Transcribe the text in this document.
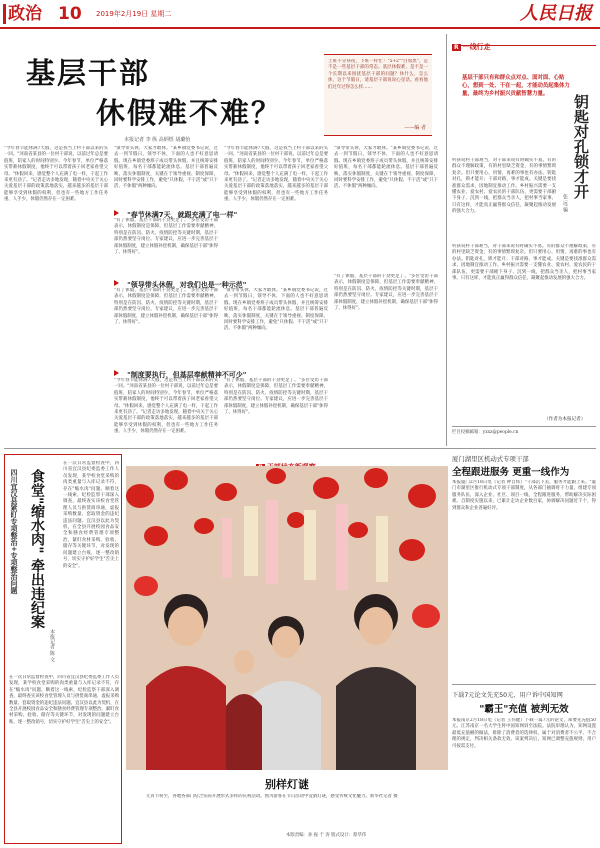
政治 10 2019年2月19日 星期二	人民日报
基层干部
休假难不难？
本报记者 李 纵 高炳煜 胡璐怡
上班不分昼夜，下班一样忙！"5+2""白加黑"，是不是一些基层干部的常态。基层休假难，是不是一个长期以来困扰基层干部的问题？休什么，怎么休，这个节假日，请基层干部说说心里话。看看他们过年过得怎么样……
——编 者
"今年春节能休满7天假，这是我当上村干部以来的头一回。"河南省某县的一位村干部说，以前过年总是要值班，陪家人的时间特别少。今年春节，单位严格落实带薪休假制度，他终于可以带着孩子回老家看望父母。"休假回来，感觉整个人充满了电一样，干起工作来更有劲了。"记者走访多地发现，随着中央关于关心关爱基层干部的政策落地落实，越来越多的基层干部能够享受到休假的权利，但也有一些地方工作任务重、人手少，休假仍然存在一定困难。
"领导带头休，大家才敢休。"某乡镇党委书记说，过去一到节假日，领导不休，下面的人也不好意思请假。现在乡镇党委班子成员带头休假，并且统筹安排好值班，每名干部都能轮流休息。基层干部普遍反映，落实休假制度，关键在于领导重视、制度保障，同时要科学安排工作，避免"只休假、不干活"或"只干活、不休假"两种倾向。
"春节休满7天，就跟充满了电一样"
"有了休假，基层干部的干劲更足了。"多位受访干部表示，休假制度是保障，但基层工作需要奉献精神，特别是在防汛、防火、疫情防控等关键时期，基层干部仍然要坚守岗位。专家建议，应进一步完善基层干部休假制度，建立休假补偿机制，确保基层干部"休得了、休得好"。
"今年春节能休满7天假，这是我当上村干部以来的头一回。"河南省某县的一位村干部说，以前过年总是要值班，陪家人的时间特别少。今年春节，单位严格落实带薪休假制度，他终于可以带着孩子回老家看望父母。"休假回来，感觉整个人充满了电一样，干起工作来更有劲了。"记者走访多地发现，随着中央关于关心关爱基层干部的政策落地落实，越来越多的基层干部能够享受到休假的权利，但也有一些地方工作任务重、人手少，休假仍然存在一定困难。
"领导带头休，大家才敢休。"某乡镇党委书记说，过去一到节假日，领导不休，下面的人也不好意思请假。现在乡镇党委班子成员带头休假，并且统筹安排好值班，每名干部都能轮流休息。基层干部普遍反映，落实休假制度，关键在于领导重视、制度保障，同时要科学安排工作，避免"只休假、不干活"或"只干活、不休假"两种倾向。
"领导带头休假，对我们也是一种示范"
"有了休假，基层干部的干劲更足了。"多位受访干部表示，休假制度是保障，但基层工作需要奉献精神，特别是在防汛、防火、疫情防控等关键时期，基层干部仍然要坚守岗位。专家建议，应进一步完善基层干部休假制度，建立休假补偿机制，确保基层干部"休得了、休得好"。
"领导带头休，大家才敢休。"某乡镇党委书记说，过去一到节假日，领导不休，下面的人也不好意思请假。现在乡镇党委班子成员带头休假，并且统筹安排好值班，每名干部都能轮流休息。基层干部普遍反映，落实休假制度，关键在于领导重视、制度保障，同时要科学安排工作，避免"只休假、不干活"或"只干活、不休假"两种倾向。
"有了休假，基层干部的干劲更足了。"多位受访干部表示，休假制度是保障，但基层工作需要奉献精神，特别是在防汛、防火、疫情防控等关键时期，基层干部仍然要坚守岗位。专家建议，应进一步完善基层干部休假制度，建立休假补偿机制，确保基层干部"休得了、休得好"。
"制度要执行，但基层奉献精神不可少"
"今年春节能休满7天假，这是我当上村干部以来的头一回。"河南省某县的一位村干部说，以前过年总是要值班，陪家人的时间特别少。今年春节，单位严格落实带薪休假制度，他终于可以带着孩子回老家看望父母。"休假回来，感觉整个人充满了电一样，干起工作来更有劲了。"记者走访多地发现，随着中央关于关心关爱基层干部的政策落地落实，越来越多的基层干部能够享受到休假的权利，但也有一些地方工作任务重、人手少，休假仍然存在一定困难。
"有了休假，基层干部的干劲更足了。"多位受访干部表示，休假制度是保障，但基层工作需要奉献精神，特别是在防汛、防火、疫情防控等关键时期，基层干部仍然要坚守岗位。专家建议，应进一步完善基层干部休假制度，建立休假补偿机制，确保基层干部"休得了、休得好"。
R 一线行走
基层干部只有和群众点对点、面对面、心贴心，想到一处、干在一起，才能动员起集体力量，最终为乡村振兴贡献智慧力量。	钥匙对孔锁才开
张 远 骗
听孩说村干部难当，对干部来说有时确实不易。有的群众不理解政策，有的村里缺乏资金，有的事情繁琐复杂。但只要用心、用情，再难的事也有办法。钥匙对孔，锁才能开；干部对路，事才能成。关键是要找准群众需求，因地制宜推动工作。乡村振兴需要一支懂农业、爱农村、爱农民的干部队伍，更需要干部俯下身子、沉到一线，把群众当亲人，把村事当家事。只有这样，才能真正赢得群众信任，凝聚起推动发展的强大合力。
听孩说村干部难当，对干部来说有时确实不易。有的群众不理解政策，有的村里缺乏资金，有的事情繁琐复杂。但只要用心、用情，再难的事也有办法。钥匙对孔，锁才能开；干部对路，事才能成。关键是要找准群众需求，因地制宜推动工作。乡村振兴需要一支懂农业、爱农村、爱农民的干部队伍，更需要干部俯下身子、沉到一线，把群众当亲人，把村事当家事。只有这样，才能真正赢得群众信任，凝聚起推动发展的强大合力。
（作者为本报记者）
栏目投稿邮箱：yxxz@people.cn
食堂"缩水肉" 牵出违纪案
四川宜汉县紧盯专项整治+专项整治问题
本报记者 陈 文
在一次日常监督检查中，四川省宜汉县纪委监委工作人员发现，某学校食堂采购的肉类重量与入库记录不符，存在"缩水肉"问题。顺着这一线索，纪检监察干部深入调查，最终查实该校食堂管理人员与供货商串通，虚报采购数量、套取资金的违纪违法问题。宜汉县以此为契机，在全县开展校园食品安全和膳食经费管理专项整治，紧盯食材采购、验收、储存等关键环节，对发现的问题建立台账，逐一整改销号，切实守护好学生"舌尖上的安全"。
在一次日常监督检查中，四川省宜汉县纪委监委工作人员发现，某学校食堂采购的肉类重量与入库记录不符，存在"缩水肉"问题。顺着这一线索，纪检监察干部深入调查，最终查实该校食堂管理人员与供货商串通，虚报采购数量、套取资金的违纪违法问题。宜汉县以此为契机，在全县开展校园食品安全和膳食经费管理专项整治，紧盯食材采购、验收、储存等关键环节，对发现的问题建立台账，逐一整改销号，切实守护好学生"舌尖上的安全"。
别样灯谜
元宵节将至，各地各部门结合实际开展形式多样的庆祝活动。图为游客在节日活动中竞猜灯谜，感受传统文化魅力。新华社记者 摄
本版责编：孙 振 于 涛 版式设计：蔡华伟
厦门湖里区机动式专项干部
全程跟进服务 更重一线作为
本报厦门2月18日电（记者 钟自炜）"干部沉下去，服务才能跟上来。"厦门市湖里区推行机动式专项干部制度，从各部门抽调骨干力量，组建专项服务队伍，深入企业、社区、项目一线，全程跟进服务，帮助解决实际困难。自制度实施以来，已累计走访企业数百家，协调解决问题近千个，得到群众和企业普遍好评。
下载7元论文先充50元，用户诉中国知网
"霸王"充值 被判无效
本报南京2月18日电（记者 王伟健）下载一篇7元的论文，却要先充值50元。江苏南京一名大学生将中国知网诉至法院。法院审理认为，知网设置最低充值额的做法，排除了消费者的选择权，属于对消费者不公平、不合理的规定，判决相关条款无效。该案判决后，知网已调整充值规则，用户可按需支付。
